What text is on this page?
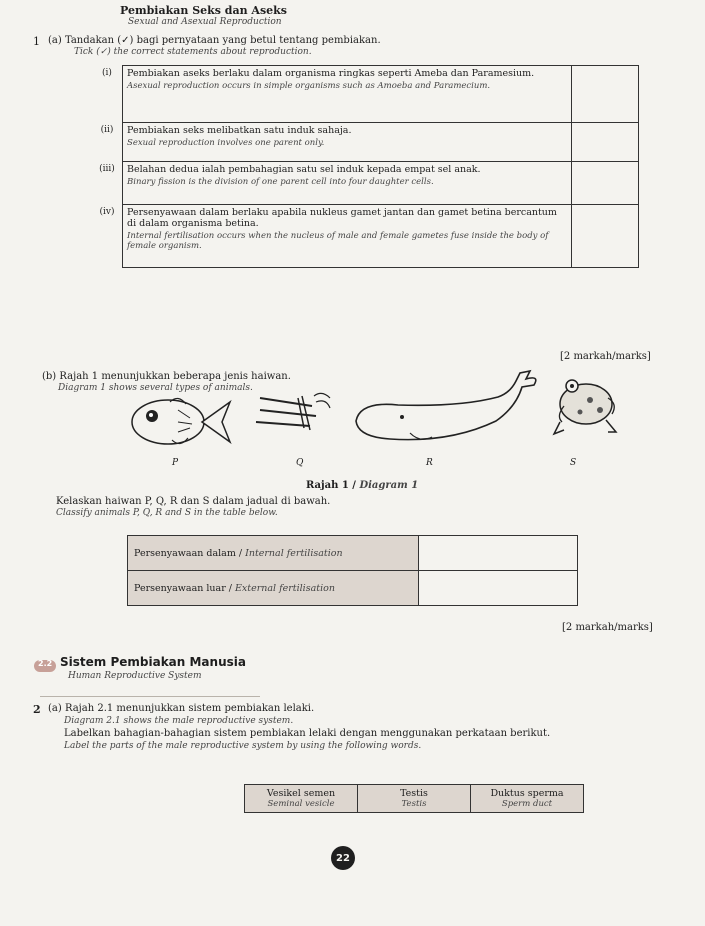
Pembiakan Seks dan Aseks
Sexual and Asexual Reproduction
1 (a) Tandakan (✓) bagi pernyataan yang betul tentang pembiakan.
Tick (✓) the correct statements about reproduction.
(i)	Pembiakan aseks berlaku dalam organisma ringkas seperti Ameba dan Paramesium.
Asexual reproduction occurs in simple organisms such as Amoeba and Paramecium.	

(ii)	Pembiakan seks melibatkan satu induk sahaja.
Sexual reproduction involves one parent only.	

(iii)	Belahan dedua ialah pembahagian satu sel induk kepada empat sel anak.
Binary fission is the division of one parent cell into four daughter cells.	

(iv)	Persenyawaan dalam berlaku apabila nukleus gamet jantan dan gamet betina bercantum di dalam organisma betina.
Internal fertilisation occurs when the nucleus of male and female gametes fuse inside the body of female organism.	

[2 markah/marks]
(b) Rajah 1 menunjukkan beberapa jenis haiwan.
Diagram 1 shows several types of animals.
P	Q	R	S
Rajah 1 / Diagram 1
Kelaskan haiwan P, Q, R dan S dalam jadual di bawah.
Classify animals P, Q, R and S in the table below.
Persenyawaan dalam / Internal fertilisation	
Persenyawaan luar / External fertilisation	
[2 markah/marks]
2.2 Sistem Pembiakan Manusia
Human Reproductive System
2 (a) Rajah 2.1 menunjukkan sistem pembiakan lelaki.
Diagram 2.1 shows the male reproductive system.
Labelkan bahagian-bahagian sistem pembiakan lelaki dengan menggunakan perkataan berikut.
Label the parts of the male reproductive system by using the following words.
Vesikel semen
Seminal vesicle
	Testis
Testis
	Duktus sperma
Sperm duct
22
